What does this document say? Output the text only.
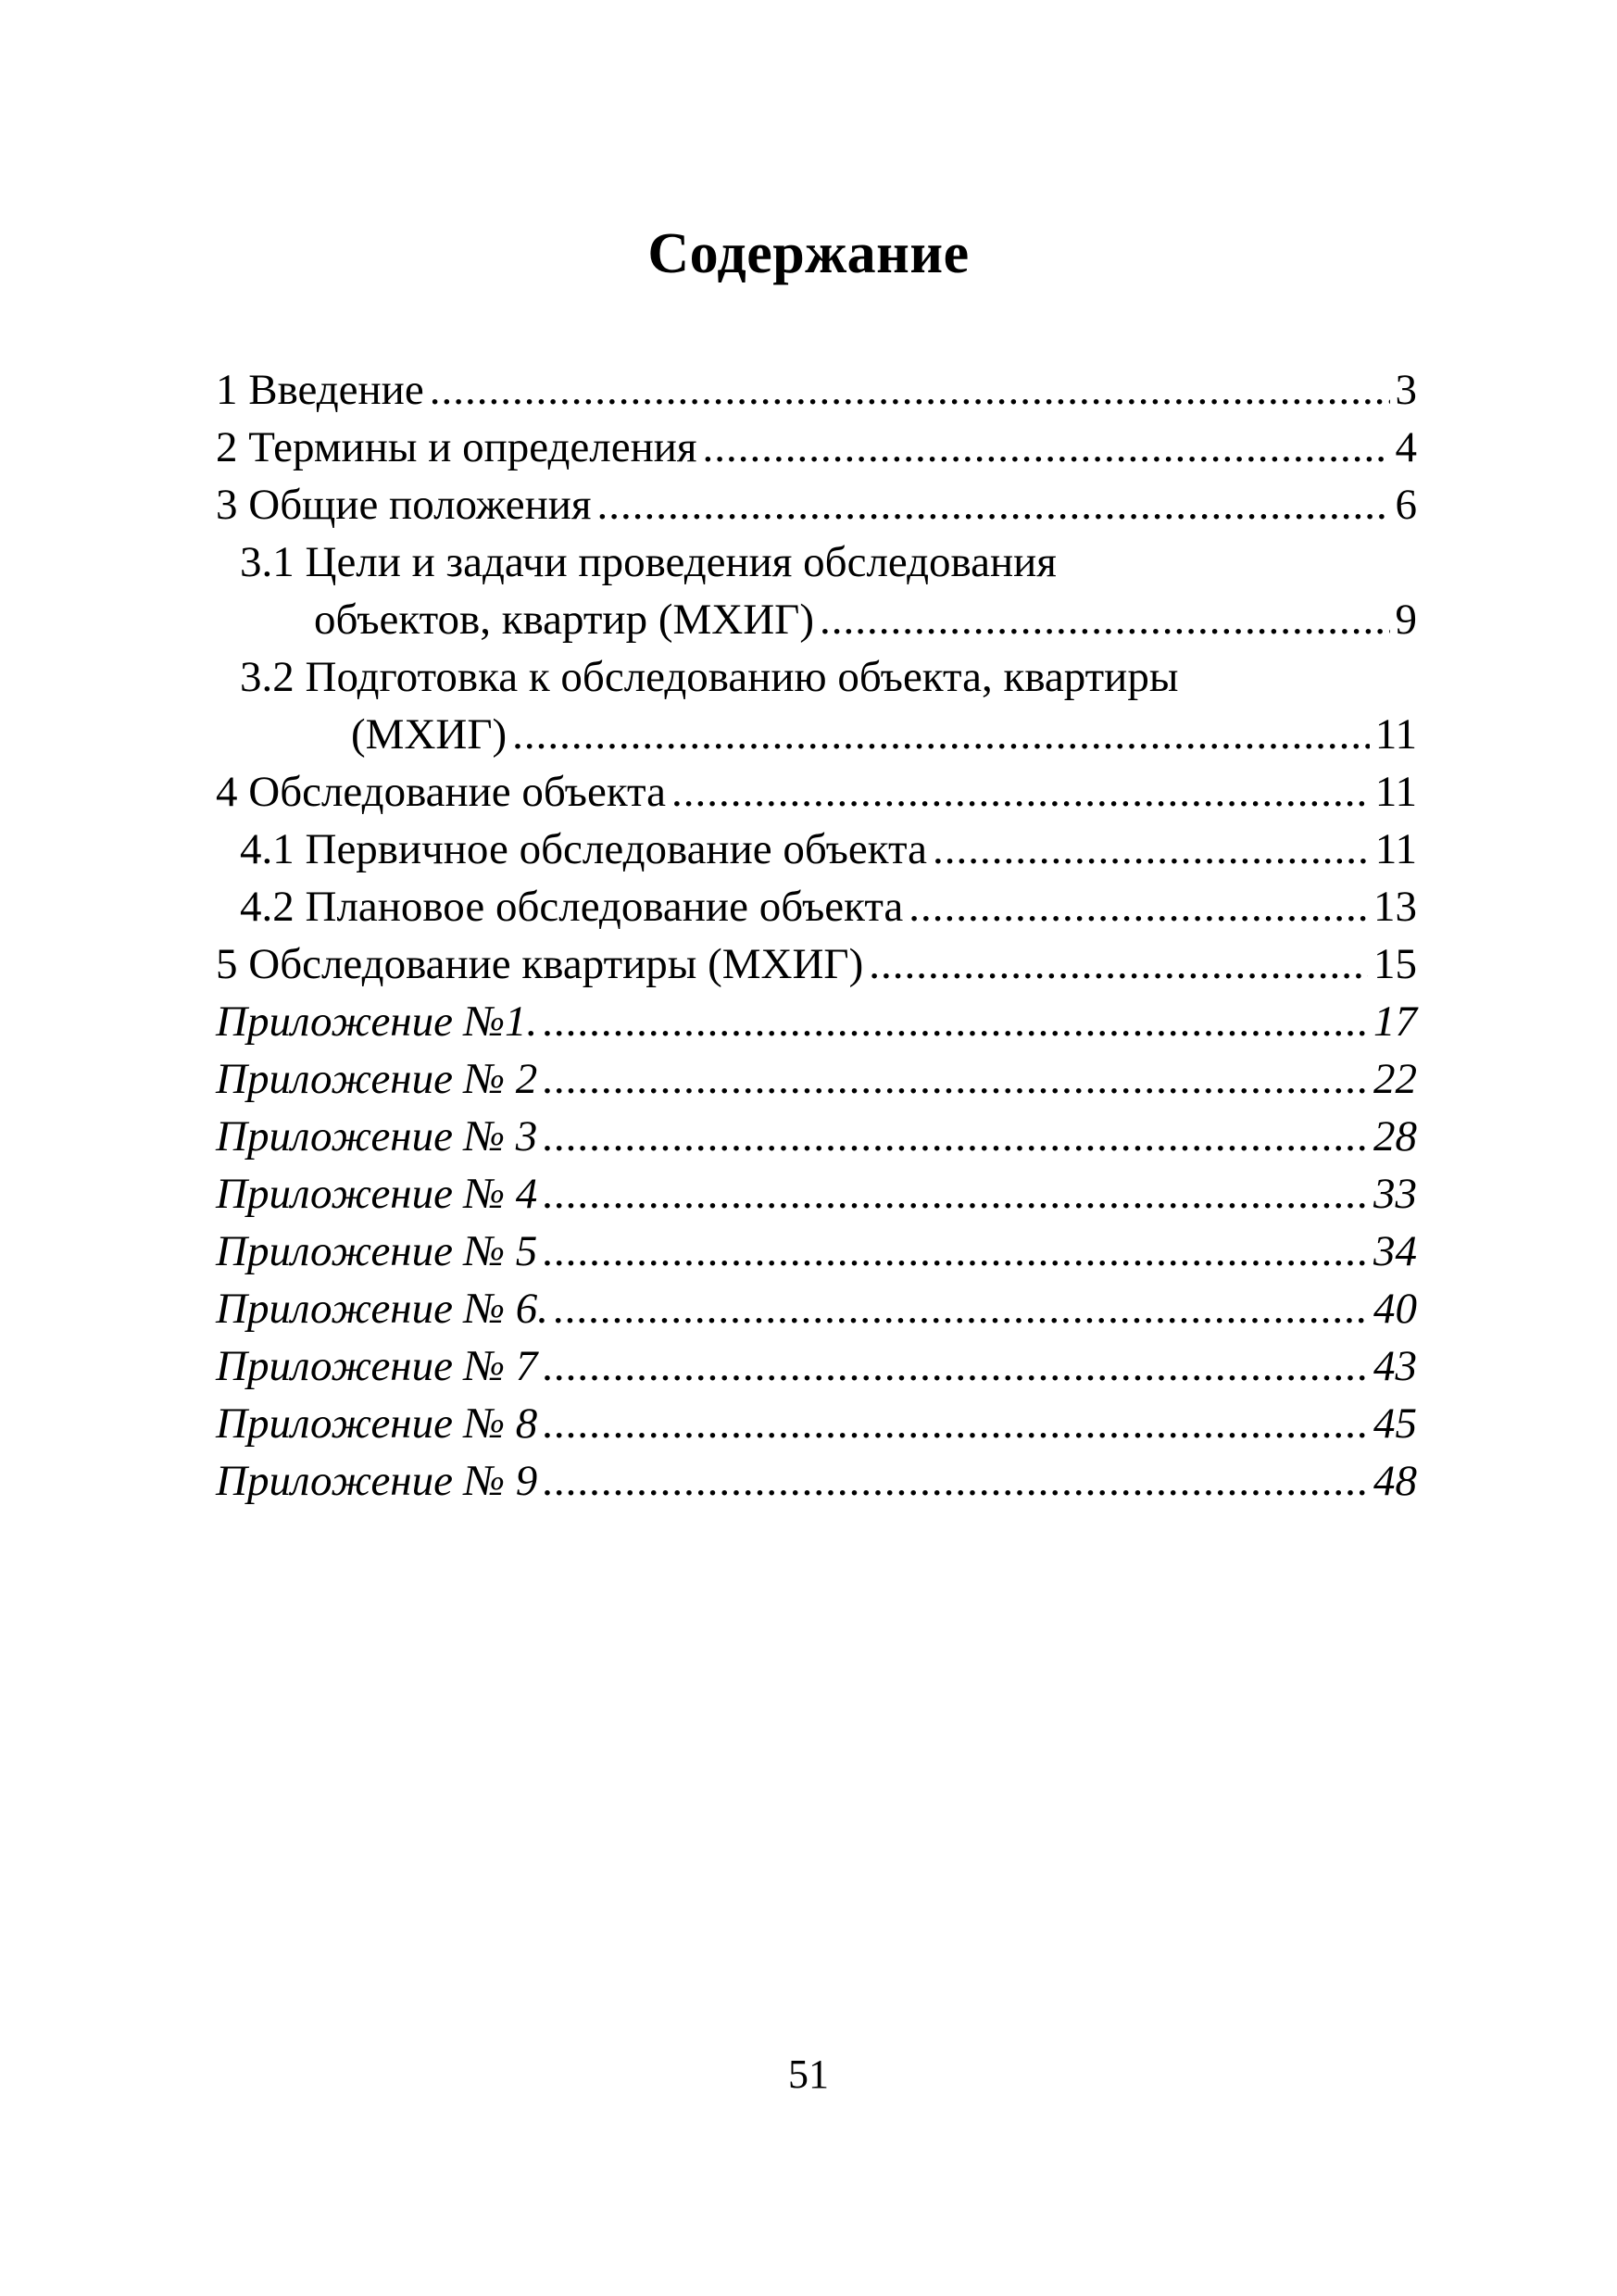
Содержание
1 Введение .....	3
2 Термины и определения .....	4
3 Общие положения .....	6
3.1 Цели и задачи проведения обследования
объектов, квартир (МХИГ) .....	9
3.2 Подготовка к обследованию объекта, квартиры
(МХИГ) .....	11
4 Обследование объекта .....	11
4.1 Первичное обследование объекта .....	11
4.2 Плановое обследование объекта .....	13
5 Обследование квартиры (МХИГ) .....	15
Приложение №1. .....	17
Приложение № 2 .....	22
Приложение № 3 .....	28
Приложение № 4 .....	33
Приложение № 5 .....	34
Приложение № 6. .....	40
Приложение № 7 .....	43
Приложение № 8 .....	45
Приложение № 9 .....	48
51
